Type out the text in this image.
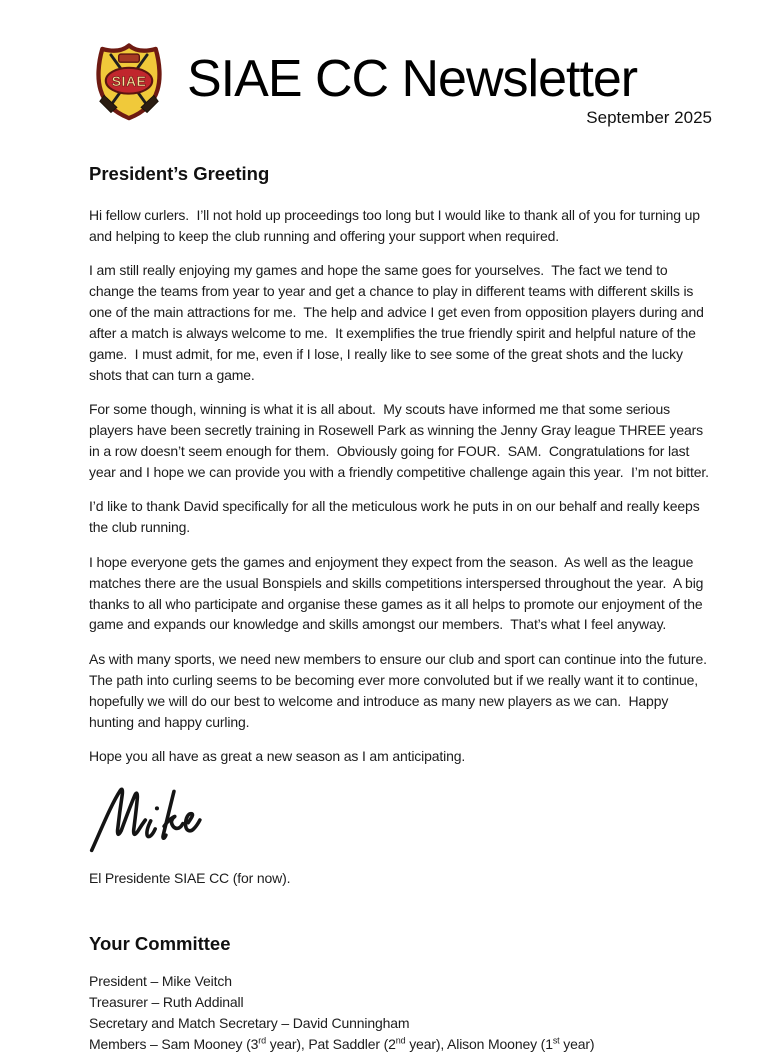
SIAE SIAE CC Newsletter
September 2025
President’s Greeting

Hi fellow curlers.  I’ll not hold up proceedings too long but I would like to thank all of you for turning up and helping to keep the club running and offering your support when required.

I am still really enjoying my games and hope the same goes for yourselves.  The fact we tend to change the teams from year to year and get a chance to play in different teams with different skills is one of the main attractions for me.  The help and advice I get even from opposition players during and after a match is always welcome to me.  It exemplifies the true friendly spirit and helpful nature of the game.  I must admit, for me, even if I lose, I really like to see some of the great shots and the lucky shots that can turn a game.

For some though, winning is what it is all about.  My scouts have informed me that some serious players have been secretly training in Rosewell Park as winning the Jenny Gray league THREE years in a row doesn’t seem enough for them.  Obviously going for FOUR.  SAM.  Congratulations for last year and I hope we can provide you with a friendly competitive challenge again this year.  I’m not bitter.

I’d like to thank David specifically for all the meticulous work he puts in on our behalf and really keeps the club running.

I hope everyone gets the games and enjoyment they expect from the season.  As well as the league matches there are the usual Bonspiels and skills competitions interspersed throughout the year.  A big thanks to all who participate and organise these games as it all helps to promote our enjoyment of the game and expands our knowledge and skills amongst our members.  That’s what I feel anyway.

As with many sports, we need new members to ensure our club and sport can continue into the future.  The path into curling seems to be becoming ever more convoluted but if we really want it to continue, hopefully we will do our best to welcome and introduce as many new players as we can.  Happy hunting and happy curling.

Hope you all have as great a new season as I am anticipating.

El Presidente SIAE CC (for now).
Your Committee
President – Mike Veitch
Treasurer – Ruth Addinall
Secretary and Match Secretary – David Cunningham
Members – Sam Mooney (3rd year), Pat Saddler (2nd year), Alison Mooney (1st year)
